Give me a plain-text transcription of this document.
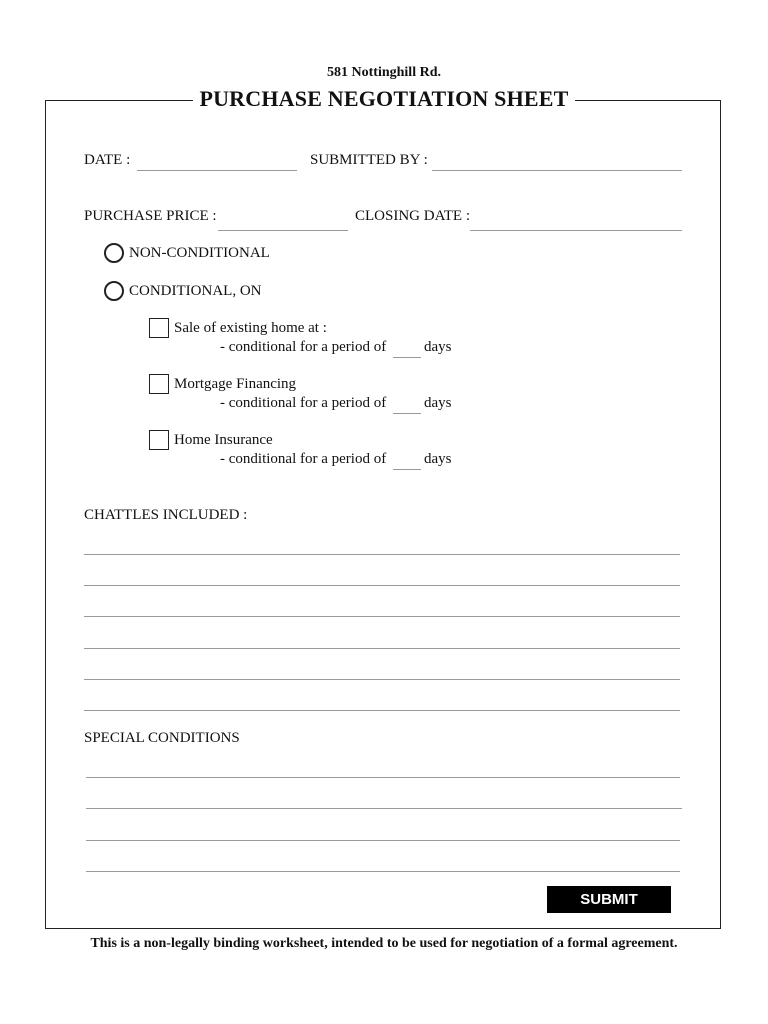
581 Nottinghill Rd.
PURCHASE NEGOTIATION SHEET
DATE :	SUBMITTED BY :
PURCHASE PRICE :	CLOSING DATE :
NON-CONDITIONAL
CONDITIONAL, ON
Sale of existing home at :
- conditional for a period of	days
Mortgage Financing
- conditional for a period of	days
Home Insurance
- conditional for a period of	days
CHATTLES INCLUDED :
SPECIAL CONDITIONS
SUBMIT
This is a non-legally binding worksheet, intended to be used for negotiation of a formal agreement.
